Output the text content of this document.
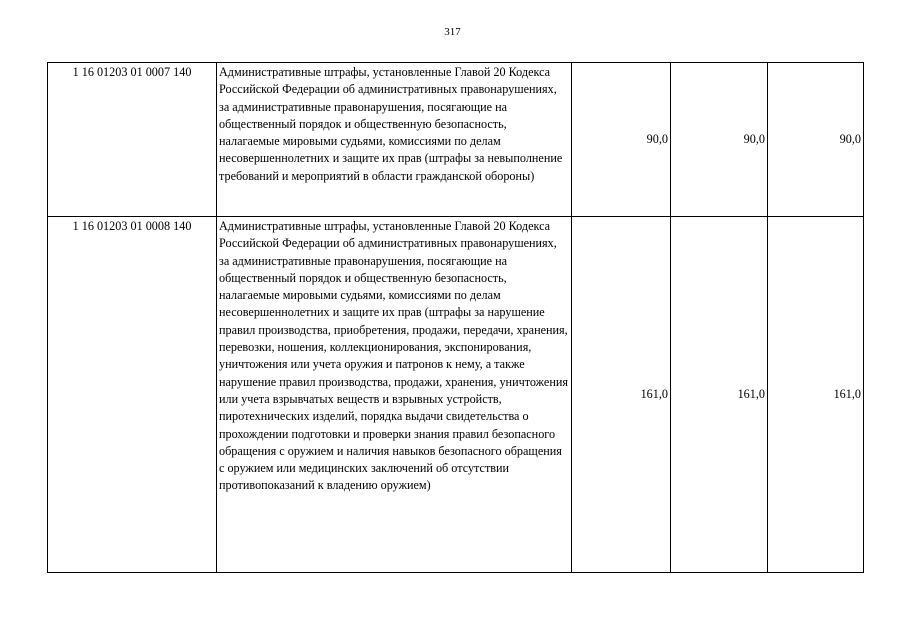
317
1 16 01203 01 0007 140	Административные штрафы, установленные Главой 20 Кодекса Российской Федерации об административных правонарушениях, за административные правонарушения, посягающие на общественный порядок и общественную безопасность, налагаемые мировыми судьями, комиссиями по делам несовершеннолетних и защите их прав (штрафы за невыполнение требований и мероприятий в области гражданской обороны)	90,0	90,0	90,0
1 16 01203 01 0008 140	Административные штрафы, установленные Главой 20 Кодекса Российской Федерации об административных правонарушениях, за административные правонарушения, посягающие на общественный порядок и общественную безопасность, налагаемые мировыми судьями, комиссиями по делам несовершеннолетних и защите их прав (штрафы за нарушение правил производства, приобретения, продажи, передачи, хранения, перевозки, ношения, коллекционирования, экспонирования, уничтожения или учета оружия и патронов к нему, а также нарушение правил производства, продажи, хранения, уничтожения или учета взрывчатых веществ и взрывных устройств, пиротехнических изделий, порядка выдачи свидетельства о прохождении подготовки и проверки знания правил безопасного обращения с оружием и наличия навыков безопасного обращения с оружием или медицинских заключений об отсутствии противопоказаний к владению оружием)	161,0	161,0	161,0
